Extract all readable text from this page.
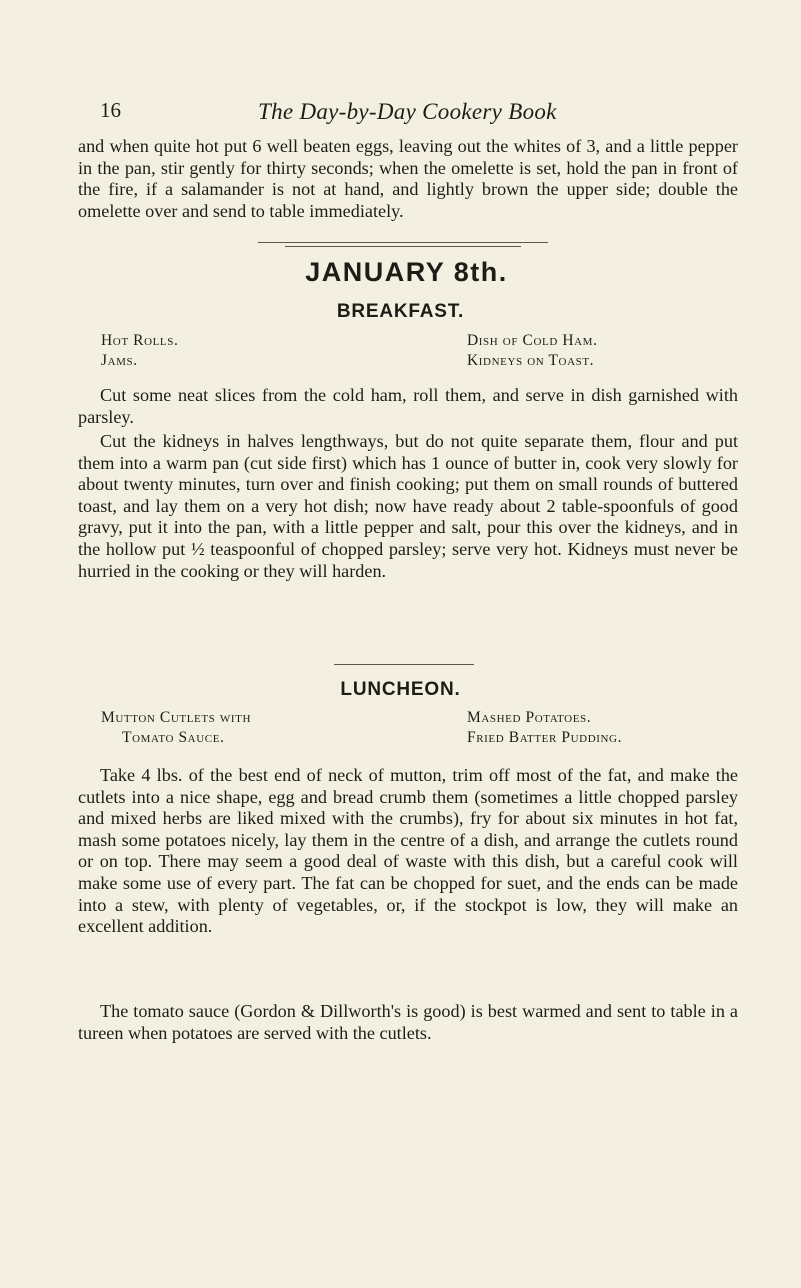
16	The Day-by-Day Cookery Book

and when quite hot put 6 well beaten eggs, leaving out the whites of 3, and a little pepper in the pan, stir gently for thirty seconds; when the omelette is set, hold the pan in front of the fire, if a salamander is not at hand, and lightly brown the upper side; double the omelette over and send to table immediately.

JANUARY 8th.
BREAKFAST.
Hot Rolls.
Jams.
Dish of Cold Ham.
Kidneys on Toast.

Cut some neat slices from the cold ham, roll them, and serve in dish garnished with parsley.

Cut the kidneys in halves lengthways, but do not quite separate them, flour and put them into a warm pan (cut side first) which has 1 ounce of butter in, cook very slowly for about twenty minutes, turn over and finish cooking; put them on small rounds of buttered toast, and lay them on a very hot dish; now have ready about 2 table-spoonfuls of good gravy, put it into the pan, with a little pepper and salt, pour this over the kidneys, and in the hollow put ½ teaspoonful of chopped parsley; serve very hot. Kidneys must never be hurried in the cooking or they will harden.

LUNCHEON.
Mutton Cutlets with
Tomato Sauce.
Mashed Potatoes.
Fried Batter Pudding.

Take 4 lbs. of the best end of neck of mutton, trim off most of the fat, and make the cutlets into a nice shape, egg and bread crumb them (sometimes a little chopped parsley and mixed herbs are liked mixed with the crumbs), fry for about six minutes in hot fat, mash some potatoes nicely, lay them in the centre of a dish, and arrange the cutlets round or on top. There may seem a good deal of waste with this dish, but a careful cook will make some use of every part. The fat can be chopped for suet, and the ends can be made into a stew, with plenty of vegetables, or, if the stockpot is low, they will make an excellent addition.

The tomato sauce (Gordon & Dillworth's is good) is best warmed and sent to table in a tureen when potatoes are served with the cutlets.
